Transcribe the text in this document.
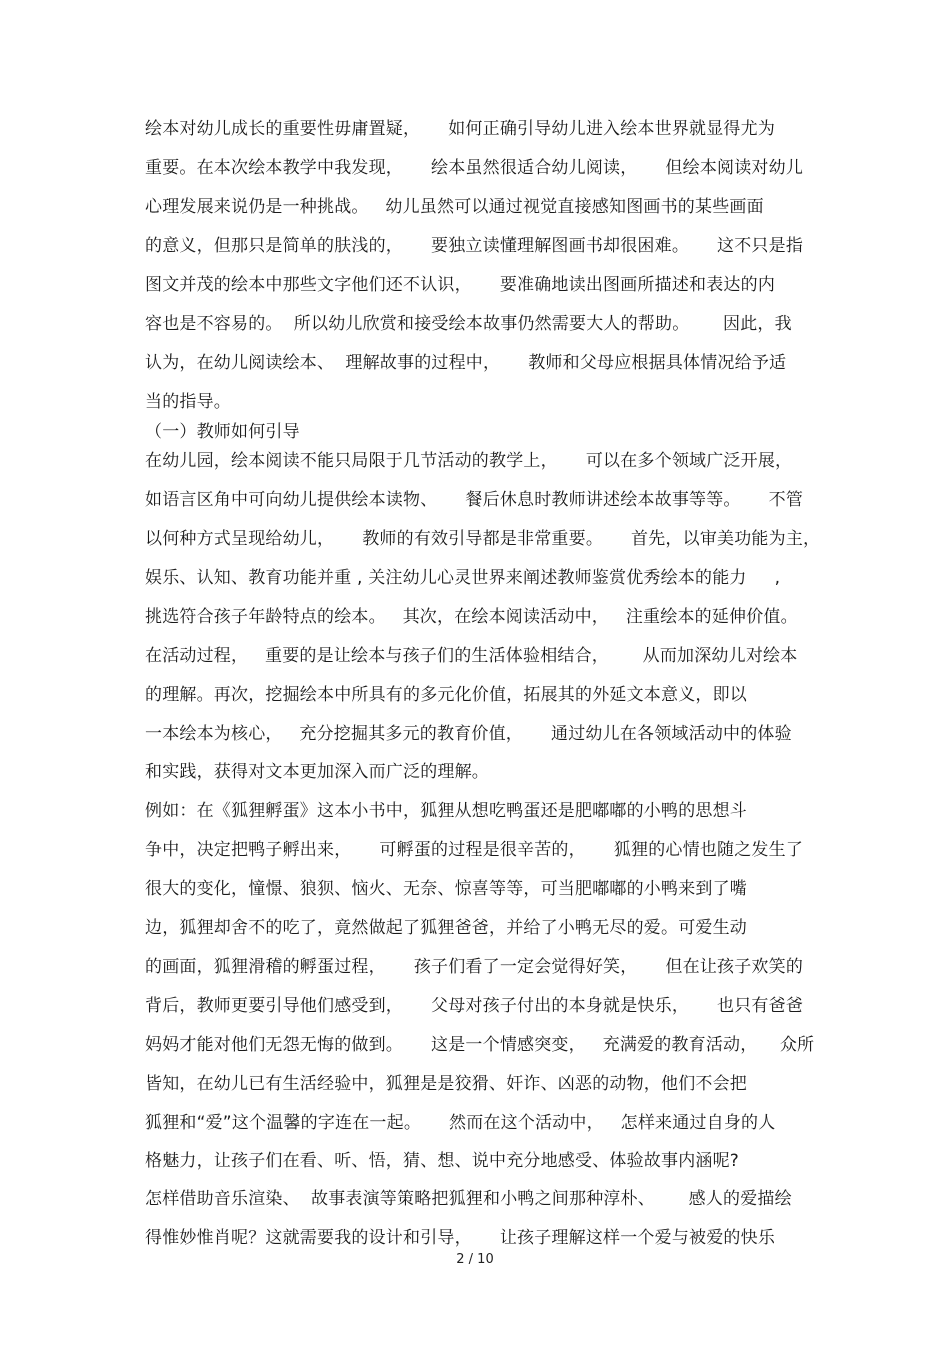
绘本对幼儿成长的重要性毋庸置疑，     如何正确引导幼儿进入绘本世界就显得尤为
重要。在本次绘本教学中我发现，     绘本虽然很适合幼儿阅读，     但绘本阅读对幼儿
心理发展来说仍是一种挑战。   幼儿虽然可以通过视觉直接感知图画书的某些画面
的意义，但那只是简单的肤浅的，     要独立读懂理解图画书却很困难。     这不只是指
图文并茂的绘本中那些文字他们还不认识，     要准确地读出图画所描述和表达的内
容也是不容易的。  所以幼儿欣赏和接受绘本故事仍然需要大人的帮助。      因此，我
认为，在幼儿阅读绘本、  理解故事的过程中，     教师和父母应根据具体情况给予适
当的指导。
（一）教师如何引导
在幼儿园，绘本阅读不能只局限于几节活动的教学上，     可以在多个领域广泛开展，
如语言区角中可向幼儿提供绘本读物、     餐后休息时教师讲述绘本故事等等。     不管
以何种方式呈现给幼儿，     教师的有效引导都是非常重要。     首先，以审美功能为主，
娱乐、认知、教育功能并重 , 关注幼儿心灵世界来阐述教师鉴赏优秀绘本的能力     ,
挑选符合孩子年龄特点的绘本。   其次，在绘本阅读活动中，   注重绘本的延伸价值。
在活动过程，   重要的是让绘本与孩子们的生活体验相结合，      从而加深幼儿对绘本
的理解。再次，挖掘绘本中所具有的多元化价值，拓展其的外延文本意义，即以
一本绘本为核心，   充分挖掘其多元的教育价值，     通过幼儿在各领域活动中的体验
和实践，获得对文本更加深入而广泛的理解。
例如：在《狐狸孵蛋》这本小书中，狐狸从想吃鸭蛋还是肥嘟嘟的小鸭的思想斗
争中，决定把鸭子孵出来，     可孵蛋的过程是很辛苦的，     狐狸的心情也随之发生了
很大的变化，憧憬、狼狈、恼火、无奈、惊喜等等，可当肥嘟嘟的小鸭来到了嘴
边，狐狸却舍不的吃了，竟然做起了狐狸爸爸，并给了小鸭无尽的爱。可爱生动
的画面，狐狸滑稽的孵蛋过程，     孩子们看了一定会觉得好笑，     但在让孩子欢笑的
背后，教师更要引导他们感受到，     父母对孩子付出的本身就是快乐，     也只有爸爸
妈妈才能对他们无怨无悔的做到。     这是一个情感突变，   充满爱的教育活动，    众所
皆知，在幼儿已有生活经验中，狐狸是是狡猾、奸诈、凶恶的动物，他们不会把
狐狸和“爱”这个温馨的字连在一起。     然而在这个活动中，   怎样来通过自身的人
格魅力，让孩子们在看、听、悟，猜、想、说中充分地感受、体验故事内涵呢?
怎样借助音乐渲染、  故事表演等策略把狐狸和小鸭之间那种淳朴、      感人的爱描绘
得惟妙惟肖呢？这就需要我的设计和引导，     让孩子理解这样一个爱与被爱的快乐
2 / 10
